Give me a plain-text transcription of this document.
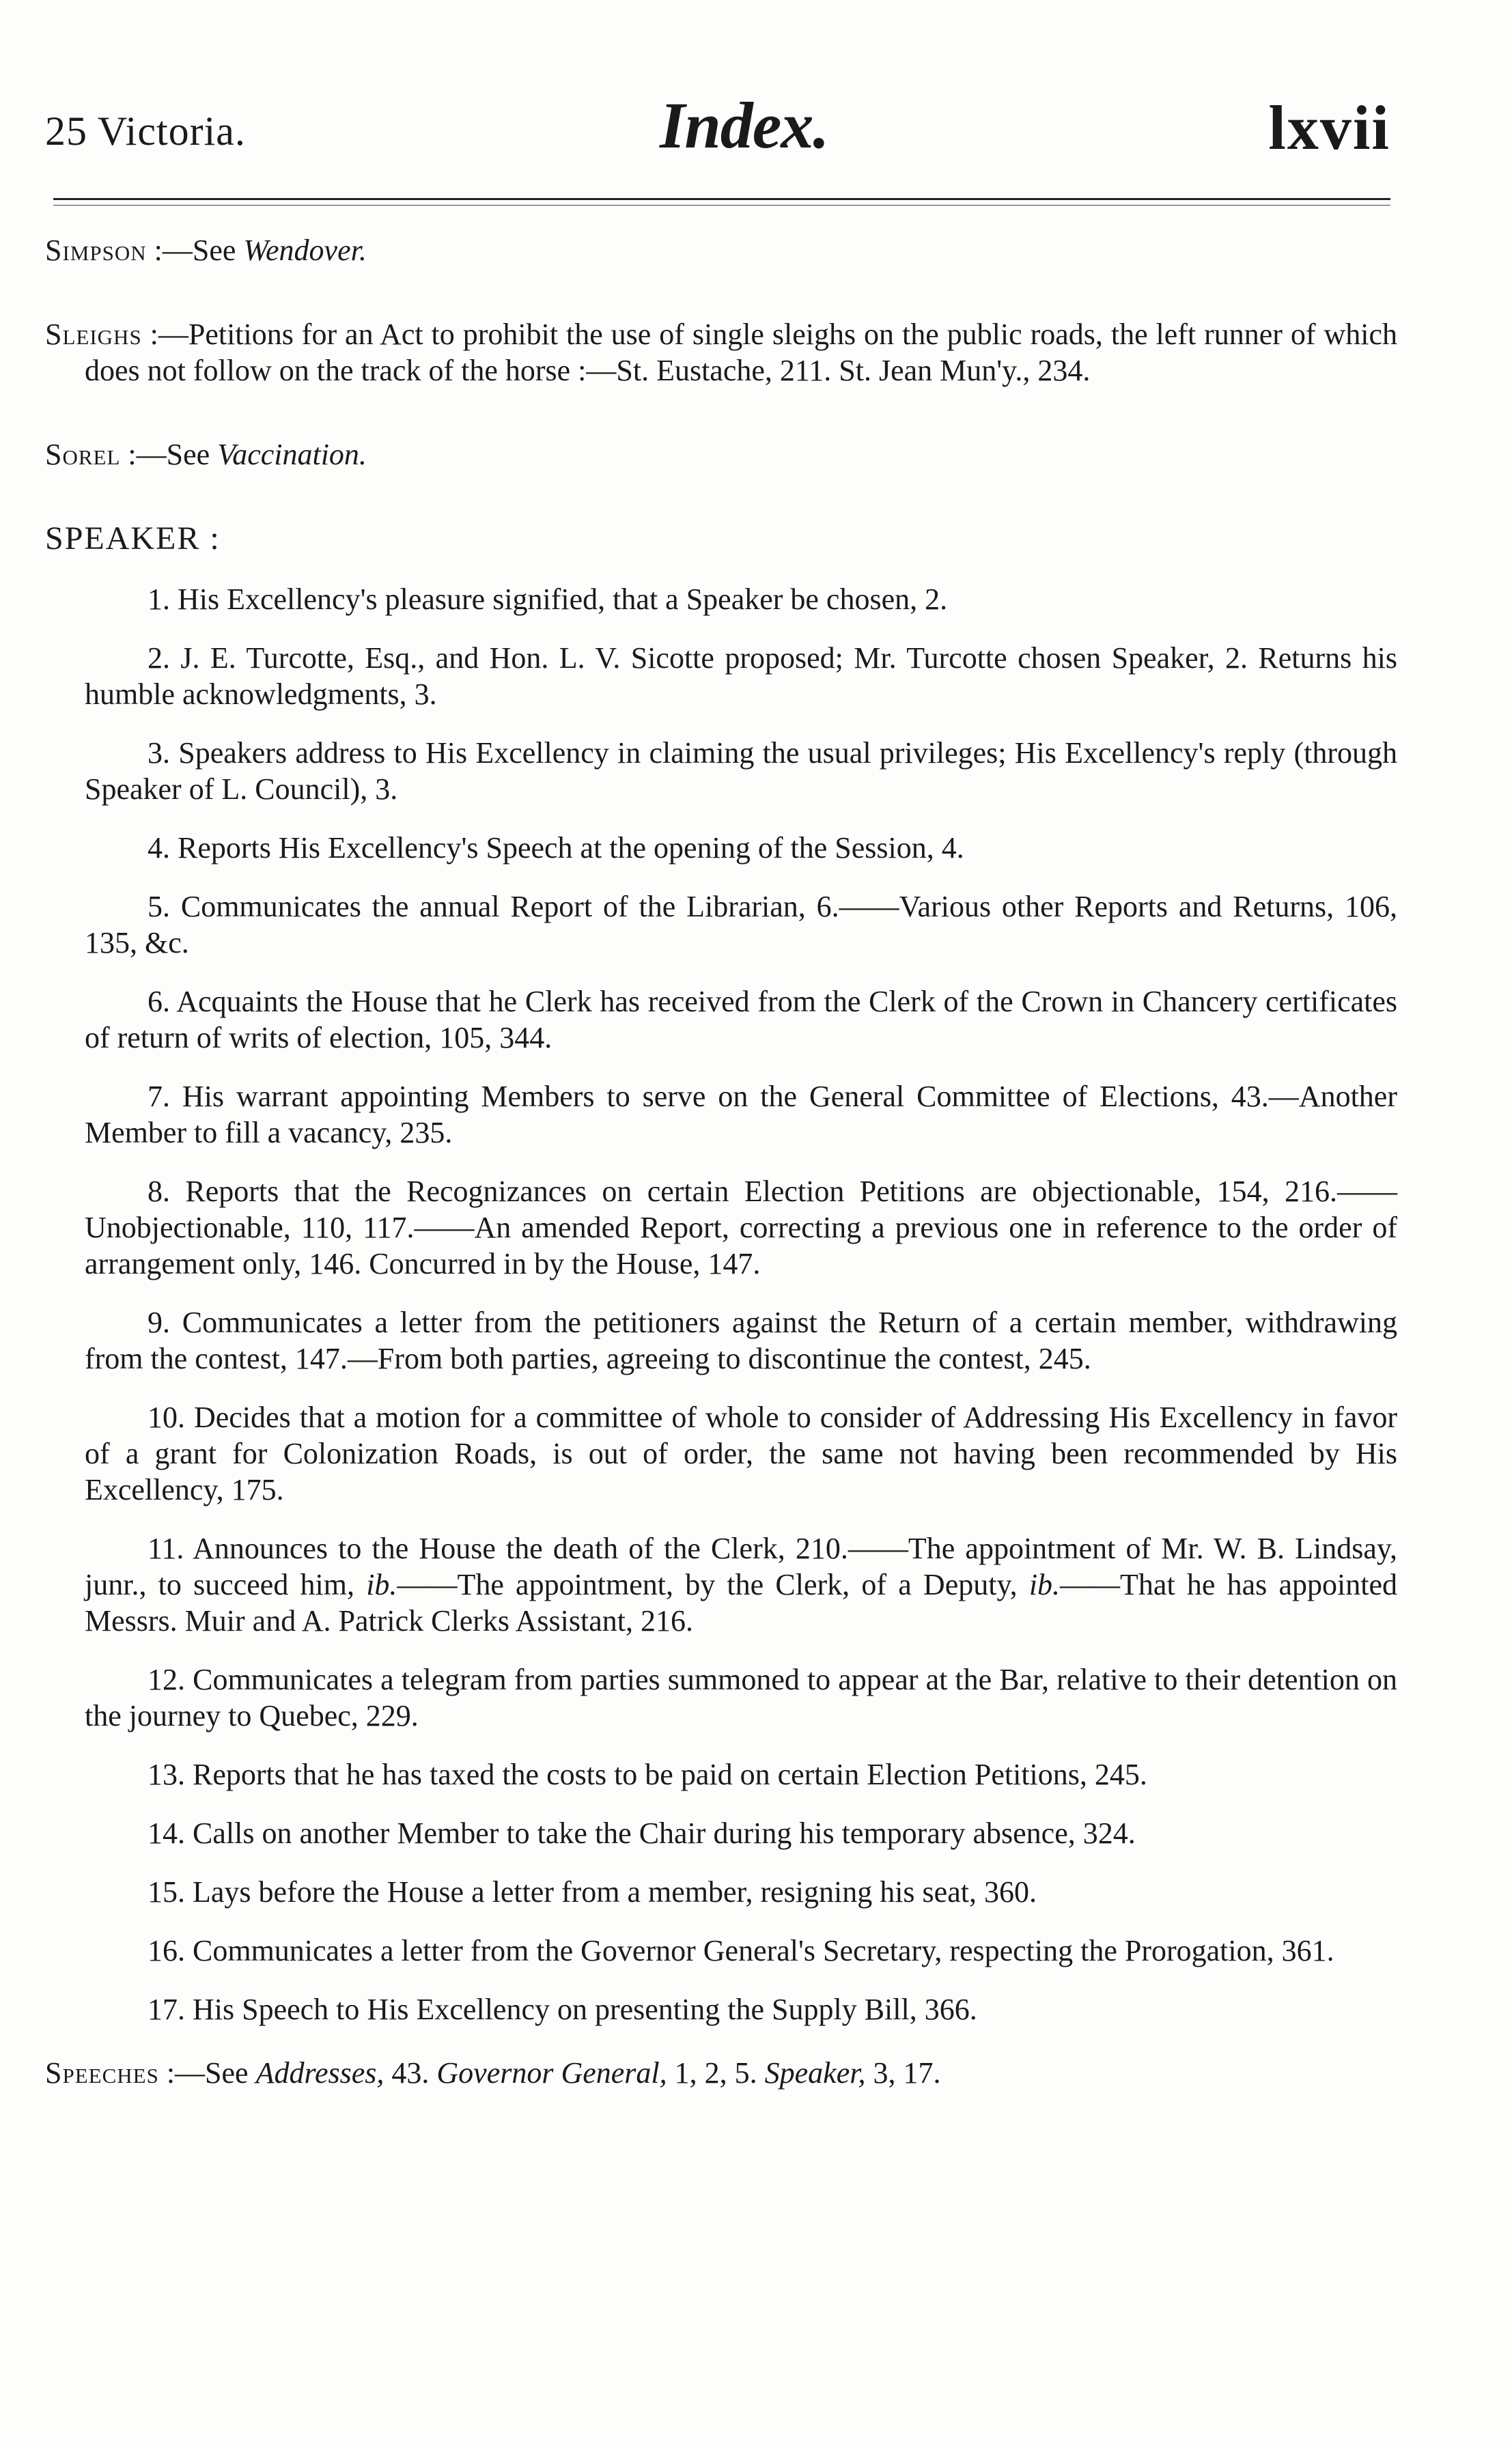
25 Victoria.	Index.	lxvii

Simpson :—See Wendover.

Sleighs :—Petitions for an Act to prohibit the use of single sleighs on the public roads, the left runner of which does not follow on the track of the horse :—St. Eustache, 211. St. Jean Mun'y., 234.

Sorel :—See Vaccination.

SPEAKER :

1. His Excellency's pleasure signified, that a Speaker be chosen, 2.

2. J. E. Turcotte, Esq., and Hon. L. V. Sicotte proposed; Mr. Turcotte chosen Speaker, 2. Returns his humble acknowledgments, 3.

3. Speakers address to His Excellency in claiming the usual privileges; His Excellency's reply (through Speaker of L. Council), 3.

4. Reports His Excellency's Speech at the opening of the Session, 4.

5. Communicates the annual Report of the Librarian, 6.——Various other Reports and Returns, 106, 135, &c.

6. Acquaints the House that he Clerk has received from the Clerk of the Crown in Chancery certificates of return of writs of election, 105, 344.

7. His warrant appointing Members to serve on the General Committee of Elections, 43.—Another Member to fill a vacancy, 235.

8. Reports that the Recognizances on certain Election Petitions are objectionable, 154, 216.——Unobjectionable, 110, 117.——An amended Report, correcting a previous one in reference to the order of arrangement only, 146. Concurred in by the House, 147.

9. Communicates a letter from the petitioners against the Return of a certain member, withdrawing from the contest, 147.—From both parties, agreeing to discontinue the contest, 245.

10. Decides that a motion for a committee of whole to consider of Addressing His Excellency in favor of a grant for Colonization Roads, is out of order, the same not having been recommended by His Excellency, 175.

11. Announces to the House the death of the Clerk, 210.——The appointment of Mr. W. B. Lindsay, junr., to succeed him, ib.——The appointment, by the Clerk, of a Deputy, ib.——That he has appointed Messrs. Muir and A. Patrick Clerks Assistant, 216.

12. Communicates a telegram from parties summoned to appear at the Bar, relative to their detention on the journey to Quebec, 229.

13. Reports that he has taxed the costs to be paid on certain Election Petitions, 245.

14. Calls on another Member to take the Chair during his temporary absence, 324.

15. Lays before the House a letter from a member, resigning his seat, 360.

16. Communicates a letter from the Governor General's Secretary, respecting the Prorogation, 361.

17. His Speech to His Excellency on presenting the Supply Bill, 366.

Speeches :—See Addresses, 43. Governor General, 1, 2, 5. Speaker, 3, 17.
